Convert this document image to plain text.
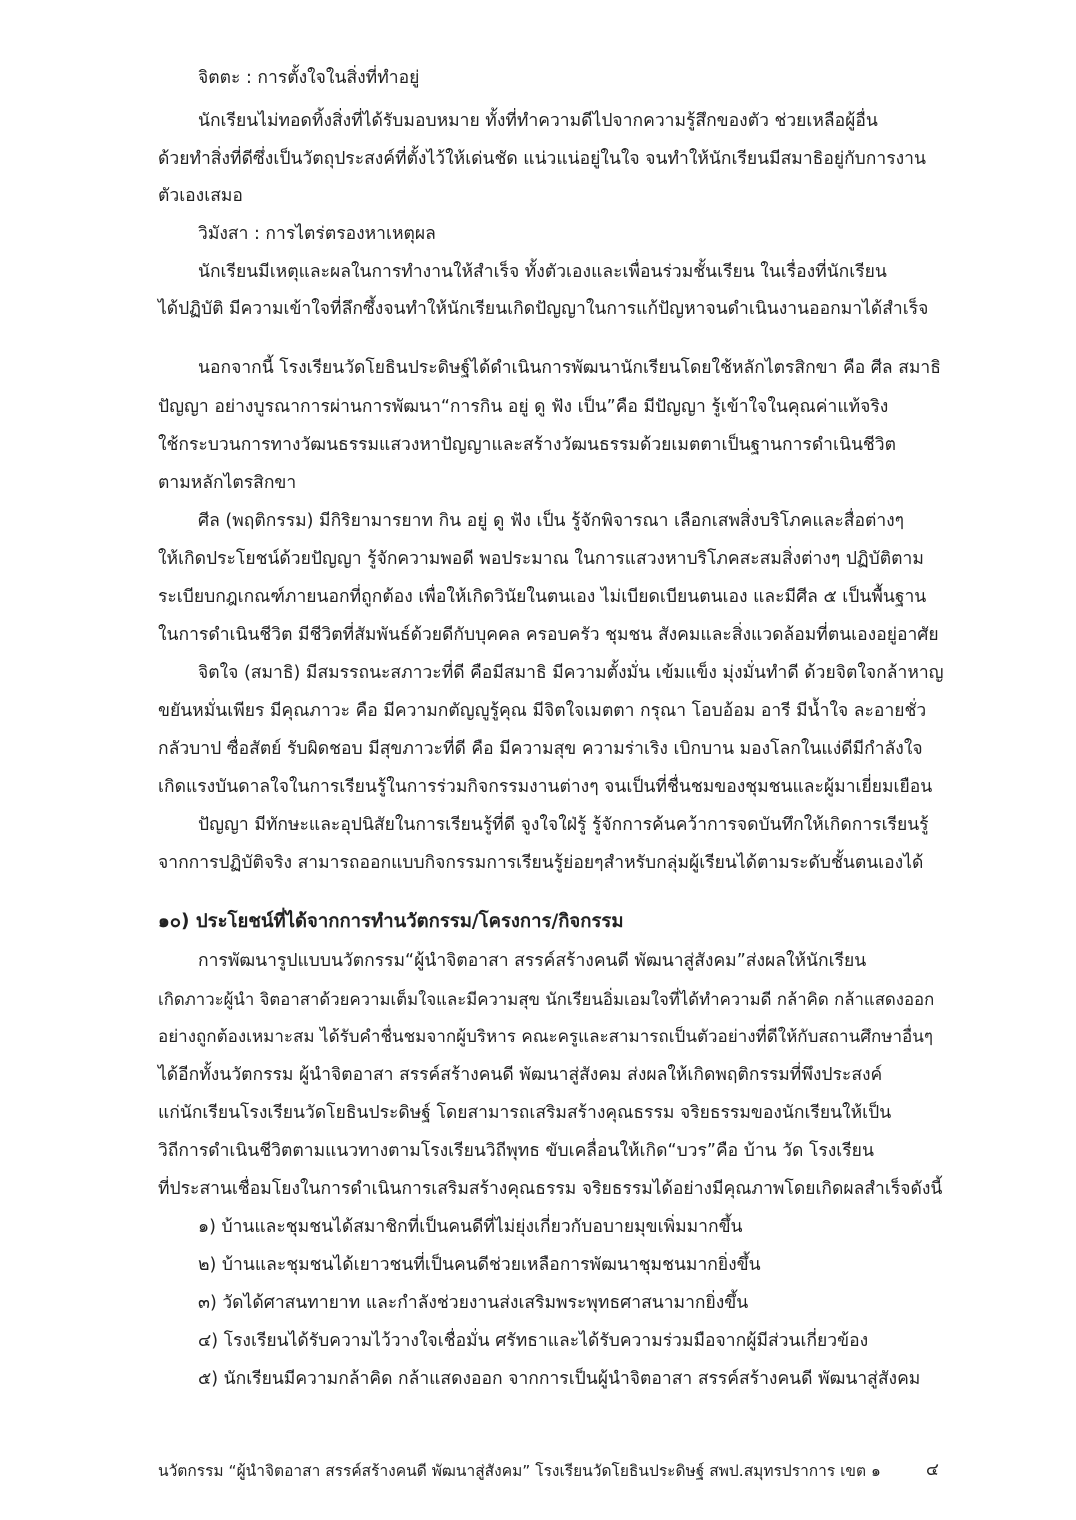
จิตตะ : การตั้งใจในสิ่งที่ทำอยู่
นักเรียนไม่ทอดทิ้งสิ่งที่ได้รับมอบหมาย ทั้งที่ทำความดีไปจากความรู้สึกของตัว ช่วยเหลือผู้อื่น
ด้วยทำสิ่งที่ดีซึ่งเป็นวัตถุประสงค์ที่ตั้งไว้ให้เด่นชัด แน่วแน่อยู่ในใจ จนทำให้นักเรียนมีสมาธิอยู่กับการงาน
ตัวเองเสมอ
วิมังสา : การไตร่ตรองหาเหตุผล
นักเรียนมีเหตุและผลในการทำงานให้สำเร็จ ทั้งตัวเองและเพื่อนร่วมชั้นเรียน ในเรื่องที่นักเรียน
ได้ปฏิบัติ มีความเข้าใจที่ลึกซึ้งจนทำให้นักเรียนเกิดปัญญาในการแก้ปัญหาจนดำเนินงานออกมาได้สำเร็จ
นอกจากนี้ โรงเรียนวัดโยธินประดิษฐ์ได้ดำเนินการพัฒนานักเรียนโดยใช้หลักไตรสิกขา คือ ศีล สมาธิ
ปัญญา อย่างบูรณาการผ่านการพัฒนา“การกิน อยู่ ดู ฟัง เป็น”คือ มีปัญญา รู้เข้าใจในคุณค่าแท้จริง
ใช้กระบวนการทางวัฒนธรรมแสวงหาปัญญาและสร้างวัฒนธรรมด้วยเมตตาเป็นฐานการดำเนินชีวิต
ตามหลักไตรสิกขา
ศีล (พฤติกรรม) มีกิริยามารยาท กิน อยู่ ดู ฟัง เป็น รู้จักพิจารณา เลือกเสพสิ่งบริโภคและสื่อต่างๆ
ให้เกิดประโยชน์ด้วยปัญญา รู้จักความพอดี พอประมาณ ในการแสวงหาบริโภคสะสมสิ่งต่างๆ ปฏิบัติตาม
ระเบียบกฎเกณฑ์ภายนอกที่ถูกต้อง เพื่อให้เกิดวินัยในตนเอง ไม่เบียดเบียนตนเอง และมีศีล ๕ เป็นพื้นฐาน
ในการดำเนินชีวิต มีชีวิตที่สัมพันธ์ด้วยดีกับบุคคล ครอบครัว ชุมชน สังคมและสิ่งแวดล้อมที่ตนเองอยู่อาศัย
จิตใจ (สมาธิ) มีสมรรถนะสภาวะที่ดี คือมีสมาธิ มีความตั้งมั่น เข้มแข็ง มุ่งมั่นทำดี ด้วยจิตใจกล้าหาญ
ขยันหมั่นเพียร มีคุณภาวะ คือ มีความกตัญญูรู้คุณ มีจิตใจเมตตา กรุณา โอบอ้อม อารี มีน้ำใจ ละอายชั่ว
กลัวบาป ซื่อสัตย์ รับผิดชอบ มีสุขภาวะที่ดี คือ มีความสุข ความร่าเริง เบิกบาน มองโลกในแง่ดีมีกำลังใจ
เกิดแรงบันดาลใจในการเรียนรู้ในการร่วมกิจกรรมงานต่างๆ จนเป็นที่ชื่นชมของชุมชนและผู้มาเยี่ยมเยือน
ปัญญา มีทักษะและอุปนิสัยในการเรียนรู้ที่ดี จูงใจใฝ่รู้ รู้จักการค้นคว้าการจดบันทึกให้เกิดการเรียนรู้
จากการปฏิบัติจริง สามารถออกแบบกิจกรรมการเรียนรู้ย่อยๆสำหรับกลุ่มผู้เรียนได้ตามระดับชั้นตนเองได้
๑๐) ประโยชน์ที่ได้จากการทำนวัตกรรม/โครงการ/กิจกรรม
การพัฒนารูปแบบนวัตกรรม“ผู้นำจิตอาสา สรรค์สร้างคนดี พัฒนาสู่สังคม”ส่งผลให้นักเรียน
เกิดภาวะผู้นำ จิตอาสาด้วยความเต็มใจและมีความสุข นักเรียนอิ่มเอมใจที่ได้ทำความดี กล้าคิด กล้าแสดงออก
อย่างถูกต้องเหมาะสม ได้รับคำชื่นชมจากผู้บริหาร คณะครูและสามารถเป็นตัวอย่างที่ดีให้กับสถานศึกษาอื่นๆ
ได้อีกทั้งนวัตกรรม ผู้นำจิตอาสา สรรค์สร้างคนดี พัฒนาสู่สังคม ส่งผลให้เกิดพฤติกรรมที่พึงประสงค์
แก่นักเรียนโรงเรียนวัดโยธินประดิษฐ์ โดยสามารถเสริมสร้างคุณธรรม จริยธรรมของนักเรียนให้เป็น
วิถีการดำเนินชีวิตตามแนวทางตามโรงเรียนวิถีพุทธ ขับเคลื่อนให้เกิด“บวร”คือ บ้าน วัด โรงเรียน
ที่ประสานเชื่อมโยงในการดำเนินการเสริมสร้างคุณธรรม จริยธรรมได้อย่างมีคุณภาพโดยเกิดผลสำเร็จดังนี้
๑) บ้านและชุมชนได้สมาชิกที่เป็นคนดีที่ไม่ยุ่งเกี่ยวกับอบายมุขเพิ่มมากขึ้น
๒) บ้านและชุมชนได้เยาวชนที่เป็นคนดีช่วยเหลือการพัฒนาชุมชนมากยิ่งขึ้น
๓) วัดได้ศาสนทายาท และกำลังช่วยงานส่งเสริมพระพุทธศาสนามากยิ่งขึ้น
๔) โรงเรียนได้รับความไว้วางใจเชื่อมั่น ศรัทธาและได้รับความร่วมมือจากผู้มีส่วนเกี่ยวข้อง
๕) นักเรียนมีความกล้าคิด กล้าแสดงออก จากการเป็นผู้นำจิตอาสา สรรค์สร้างคนดี พัฒนาสู่สังคม
นวัตกรรม “ผู้นำจิตอาสา สรรค์สร้างคนดี พัฒนาสู่สังคม” โรงเรียนวัดโยธินประดิษฐ์ สพป.สมุทรปราการ เขต ๑	๔
